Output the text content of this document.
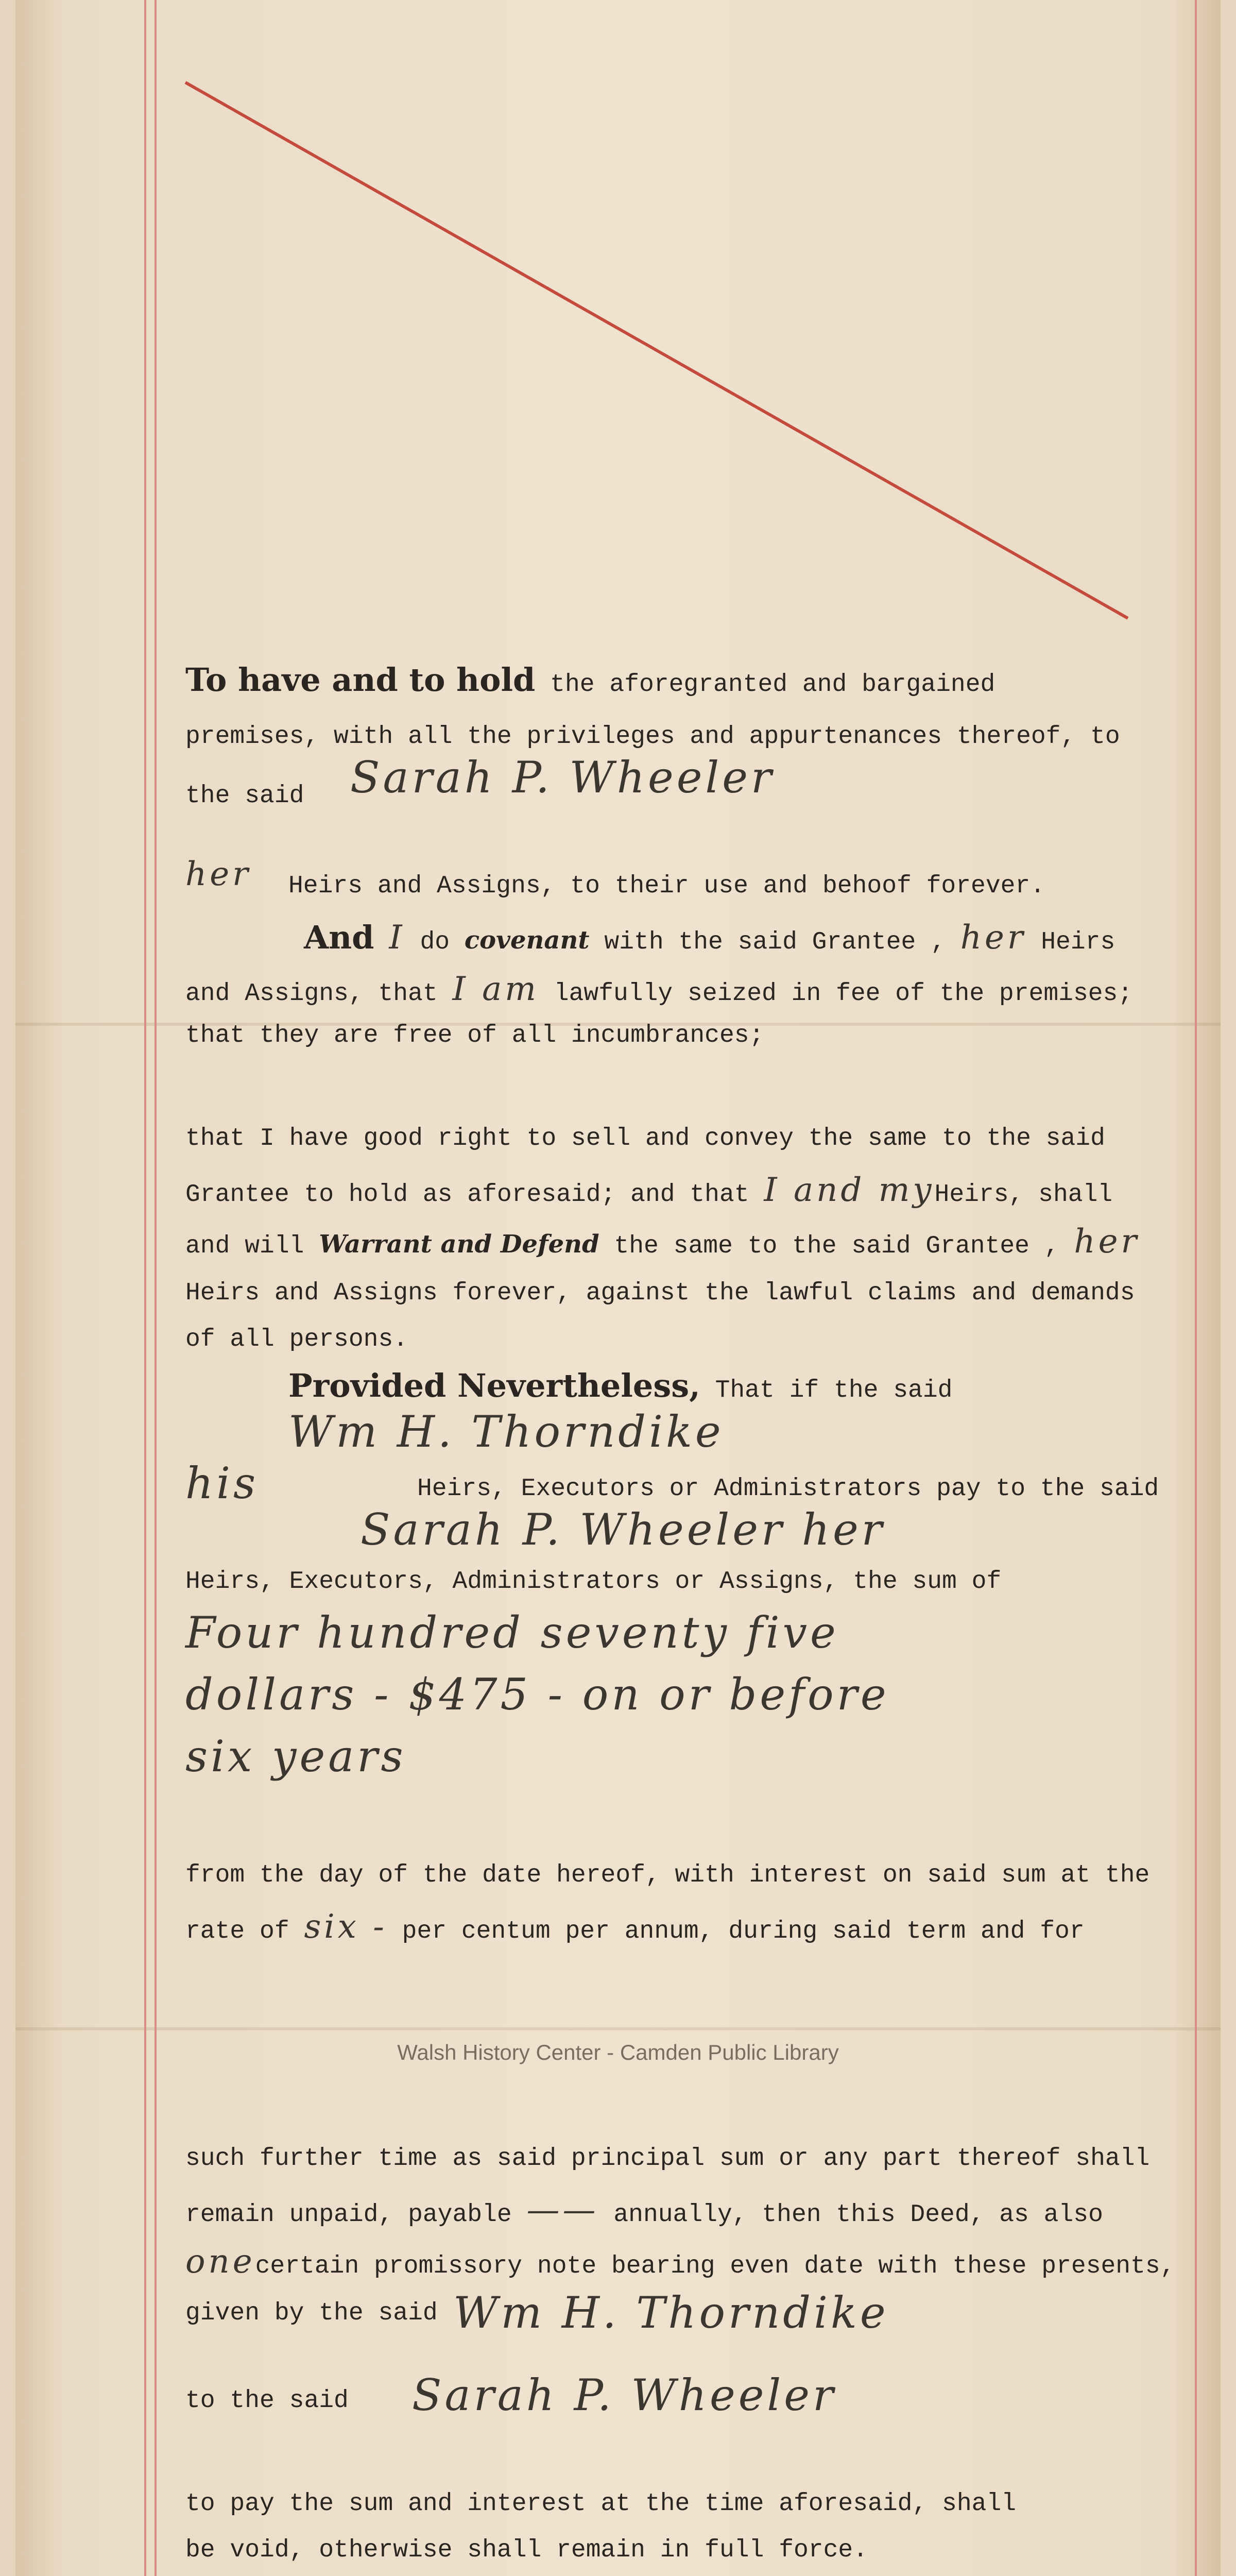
To have and to hold the aforegranted and bargained
premises, with all the privileges and appurtenances thereof, to
the said Sarah P. Wheeler
her Heirs and Assigns, to their use and behoof forever.
And I do covenant with the said Grantee , her Heirs
and Assigns, that I am lawfully seized in fee of the premises;
that they are free of all incumbrances;
that I have good right to sell and convey the same to the said
Grantee to hold as aforesaid; and that I and myHeirs, shall
and will Warrant and Defend the same to the said Grantee , her
Heirs and Assigns forever, against the lawful claims and demands
of all persons.
Provided Nevertheless, That if the said
Wm H. Thorndike
his	Heirs, Executors or Administrators pay to the said
Sarah P. Wheeler her
Heirs, Executors, Administrators or Assigns, the sum of
Four hundred seventy five
dollars - $475 - on or before
six years
from the day of the date hereof, with interest on said sum at the
rate of six - per centum per annum, during said term and for
Walsh History Center - Camden Public Library
such further time as said principal sum or any part thereof shall
remain unpaid, payable —— annually, then this Deed, as also
onecertain promissory note bearing even date with these presents,
given by the said Wm H. Thorndike
to the said Sarah P. Wheeler
to pay the sum and interest at the time aforesaid, shall
be void, otherwise shall remain in full force.
